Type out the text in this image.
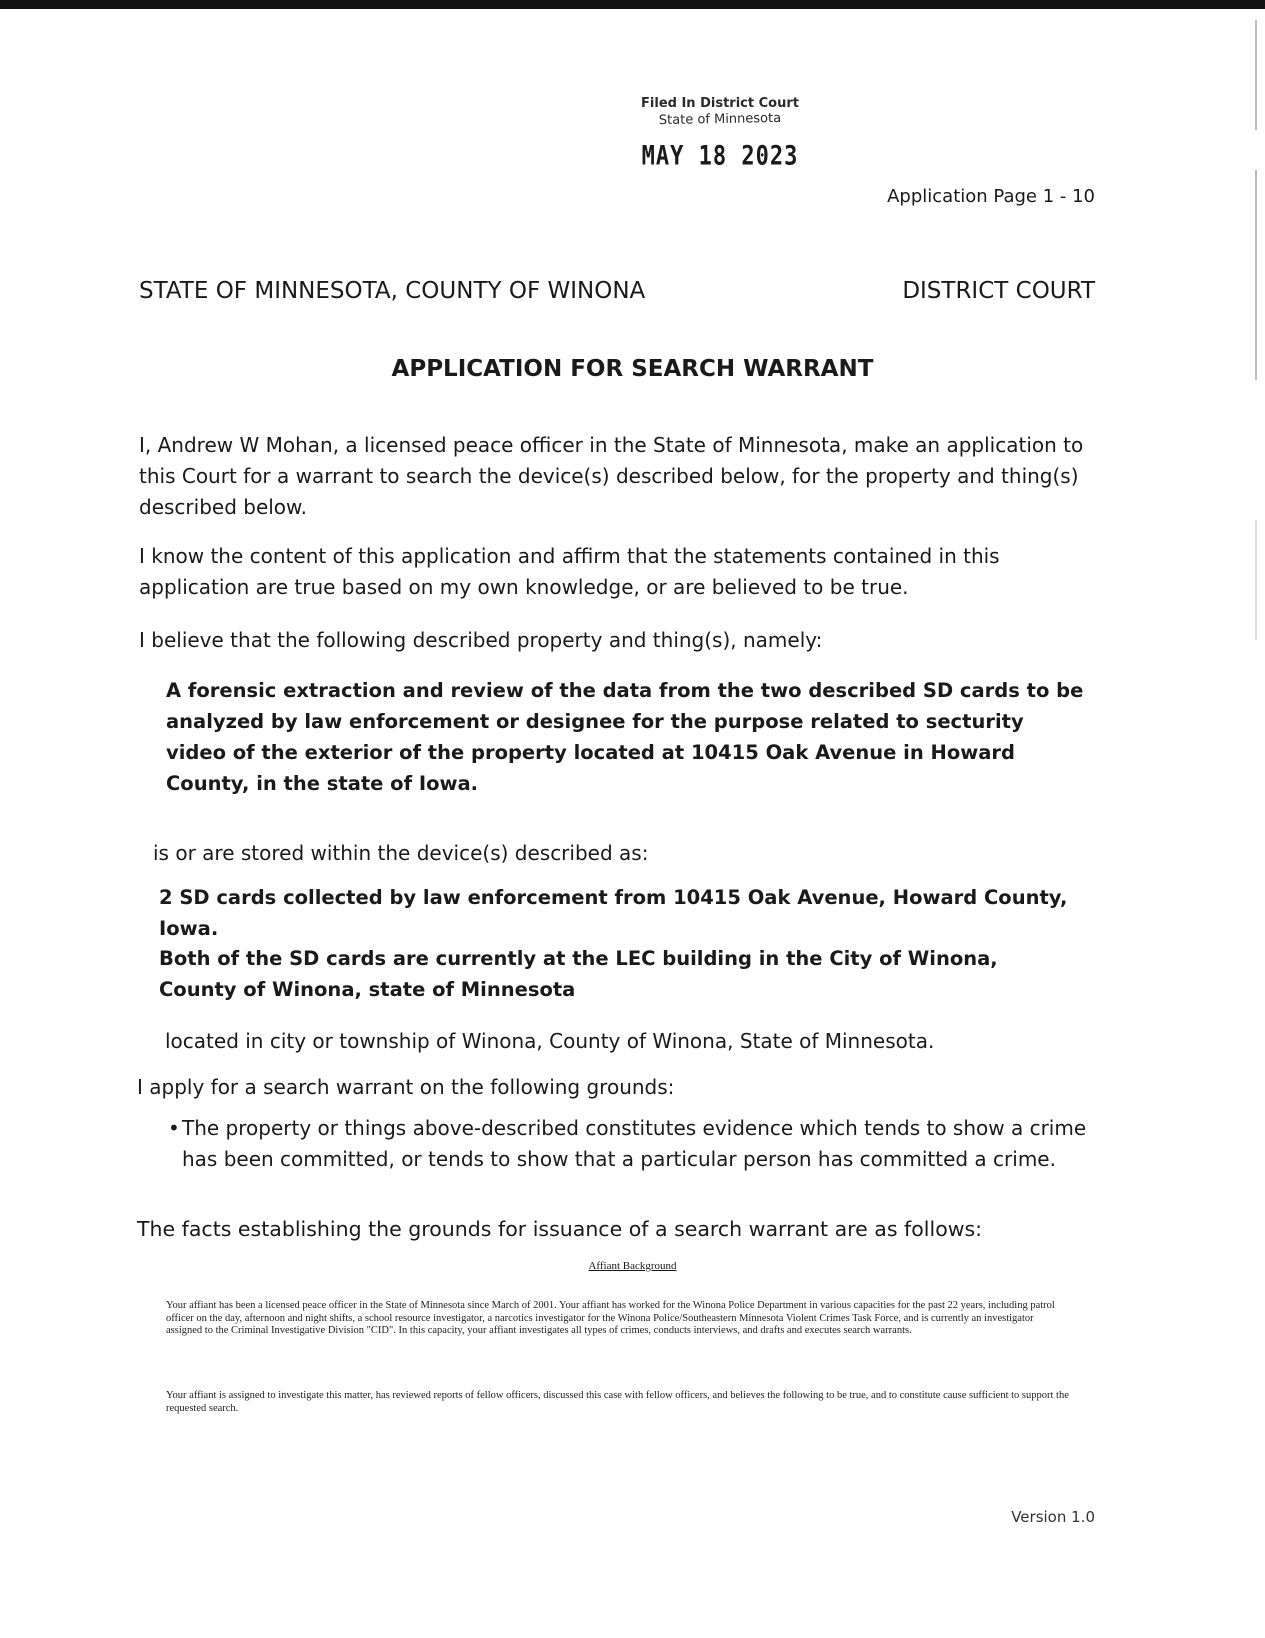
Filed In District Court
State of Minnesota
MAY 18 2023
Application Page 1 - 10
STATE OF MINNESOTA, COUNTY OF WINONA	DISTRICT COURT
APPLICATION FOR SEARCH WARRANT
I, Andrew W Mohan, a licensed peace officer in the State of Minnesota, make an application to this Court for a warrant to search the device(s) described below, for the property and thing(s) described below.
I know the content of this application and affirm that the statements contained in this application are true based on my own knowledge, or are believed to be true.
I believe that the following described property and thing(s), namely:
A forensic extraction and review of the data from the two described SD cards to be analyzed by law enforcement or designee for the purpose related to secturity video of the exterior of the property located at 10415 Oak Avenue in Howard County, in the state of Iowa.
is or are stored within the device(s) described as:
2 SD cards collected by law enforcement from 10415 Oak Avenue, Howard County, Iowa.
Both of the SD cards are currently at the LEC building in the City of Winona, County of Winona, state of Minnesota
located in city or township of Winona, County of Winona, State of Minnesota.
I apply for a search warrant on the following grounds:
• The property or things above-described constitutes evidence which tends to show a crime has been committed, or tends to show that a particular person has committed a crime.
The facts establishing the grounds for issuance of a search warrant are as follows:
Affiant Background
Your affiant has been a licensed peace officer in the State of Minnesota since March of 2001. Your affiant has worked for the Winona Police Department in various capacities for the past 22 years, including patrol officer on the day, afternoon and night shifts, a school resource investigator, a narcotics investigator for the Winona Police/Southeastern Minnesota Violent Crimes Task Force, and is currently an investigator assigned to the Criminal Investigative Division "CID". In this capacity, your affiant investigates all types of crimes, conducts interviews, and drafts and executes search warrants.
Your affiant is assigned to investigate this matter, has reviewed reports of fellow officers, discussed this case with fellow officers, and believes the following to be true, and to constitute cause sufficient to support the requested search.
Version 1.0
